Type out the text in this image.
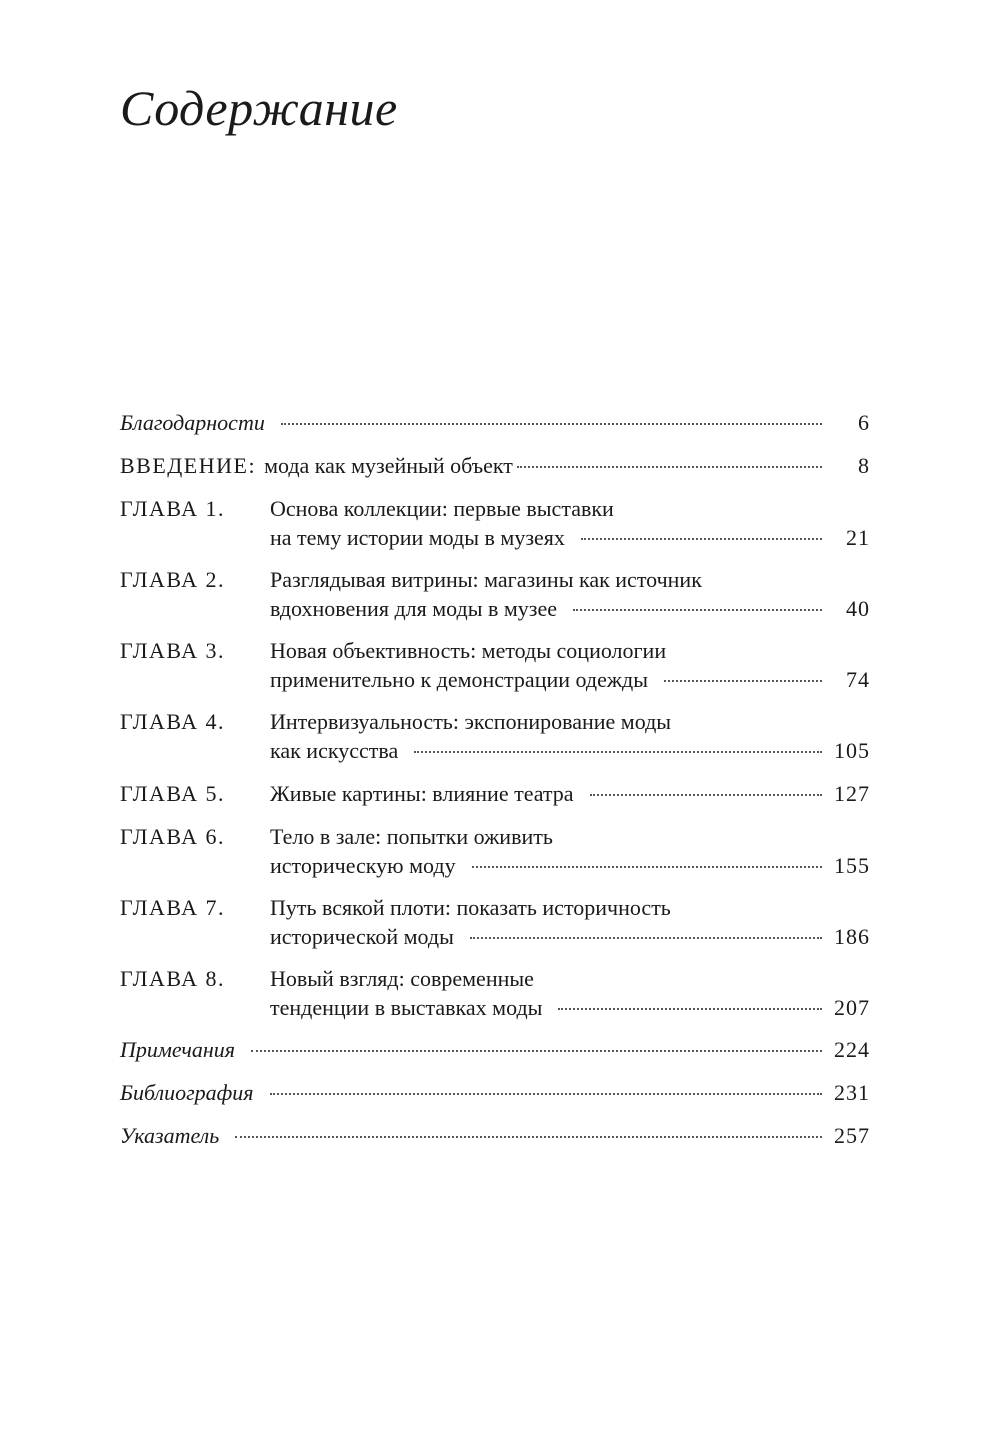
Содержание
Благодарности	6
ВВЕДЕНИЕ: мода как музейный объект	8
ГЛАВА 1.	Основа коллекции: первые выставки
на тему истории моды в музеях	21
ГЛАВА 2.	Разглядывая витрины: магазины как источник
вдохновения для моды в музее	40
ГЛАВА 3.	Новая объективность: методы социологии
применительно к демонстрации одежды	74
ГЛАВА 4.	Интервизуальность: экспонирование моды
как искусства	105
ГЛАВА 5.	Живые картины: влияние театра	127
ГЛАВА 6.	Тело в зале: попытки оживить
историческую моду	155
ГЛАВА 7.	Путь всякой плоти: показать историчность
исторической моды	186
ГЛАВА 8.	Новый взгляд: современные
тенденции в выставках моды	207
Примечания	224
Библиография	231
Указатель	257
